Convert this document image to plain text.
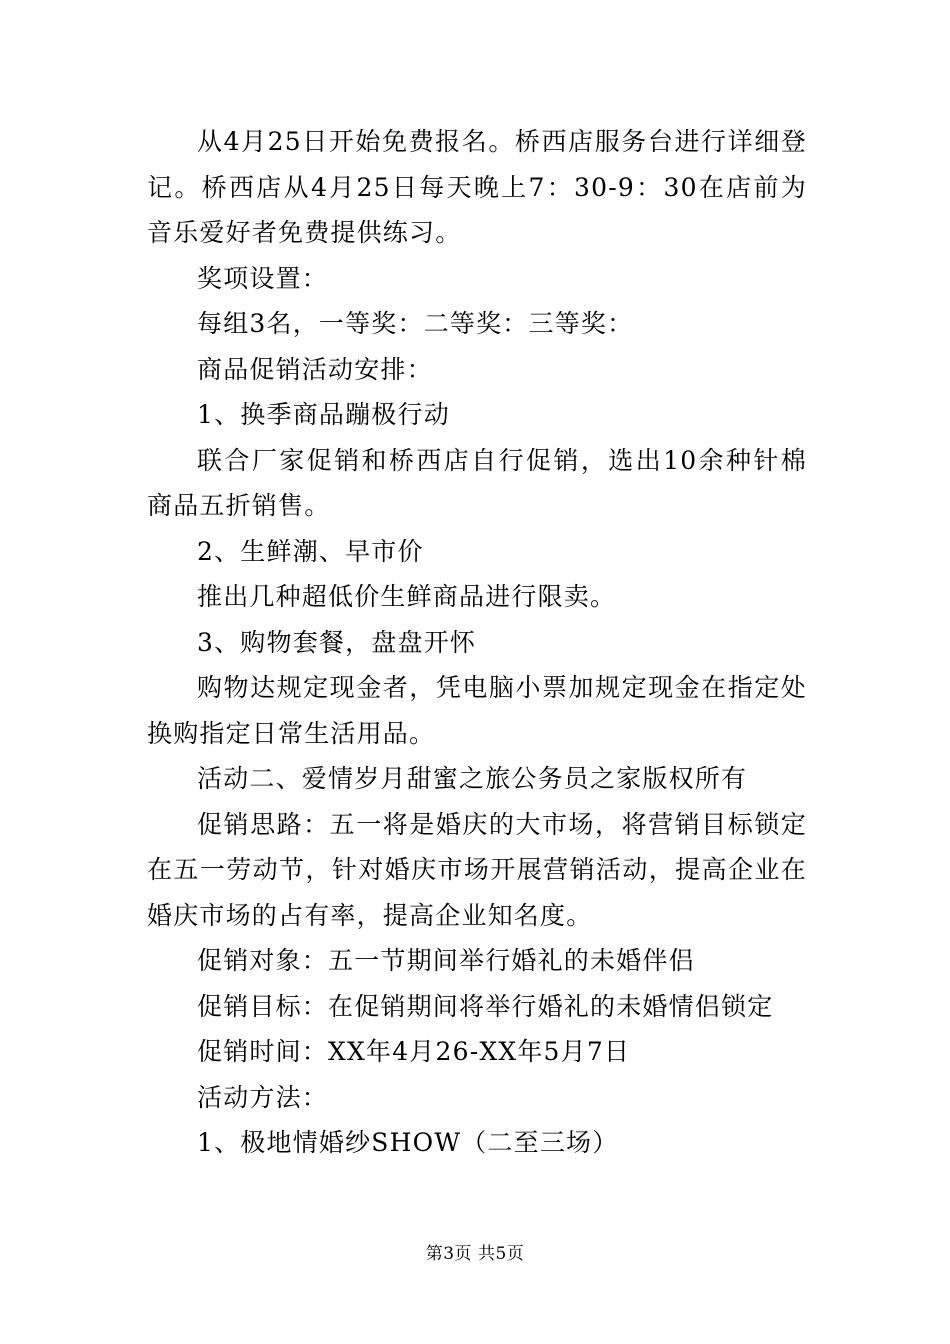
从4月25日开始免费报名。桥西店服务台进行详细登记。桥西店从4月25日每天晚上7：30-9：30在店前为音乐爱好者免费提供练习。

奖项设置：

每组3名，一等奖：二等奖：三等奖：

商品促销活动安排：

1、换季商品蹦极行动

联合厂家促销和桥西店自行促销，选出10余种针棉商品五折销售。

2、生鲜潮、早市价

推出几种超低价生鲜商品进行限卖。

3、购物套餐，盘盘开怀

购物达规定现金者，凭电脑小票加规定现金在指定处换购指定日常生活用品。

活动二、爱情岁月甜蜜之旅公务员之家版权所有

促销思路：五一将是婚庆的大市场，将营销目标锁定在五一劳动节，针对婚庆市场开展营销活动，提高企业在婚庆市场的占有率，提高企业知名度。

促销对象：五一节期间举行婚礼的未婚伴侣

促销目标：在促销期间将举行婚礼的未婚情侣锁定

促销时间：XX年4月26-XX年5月7日

活动方法：

1、极地情婚纱SHOW（二至三场）

第3页 共5页
